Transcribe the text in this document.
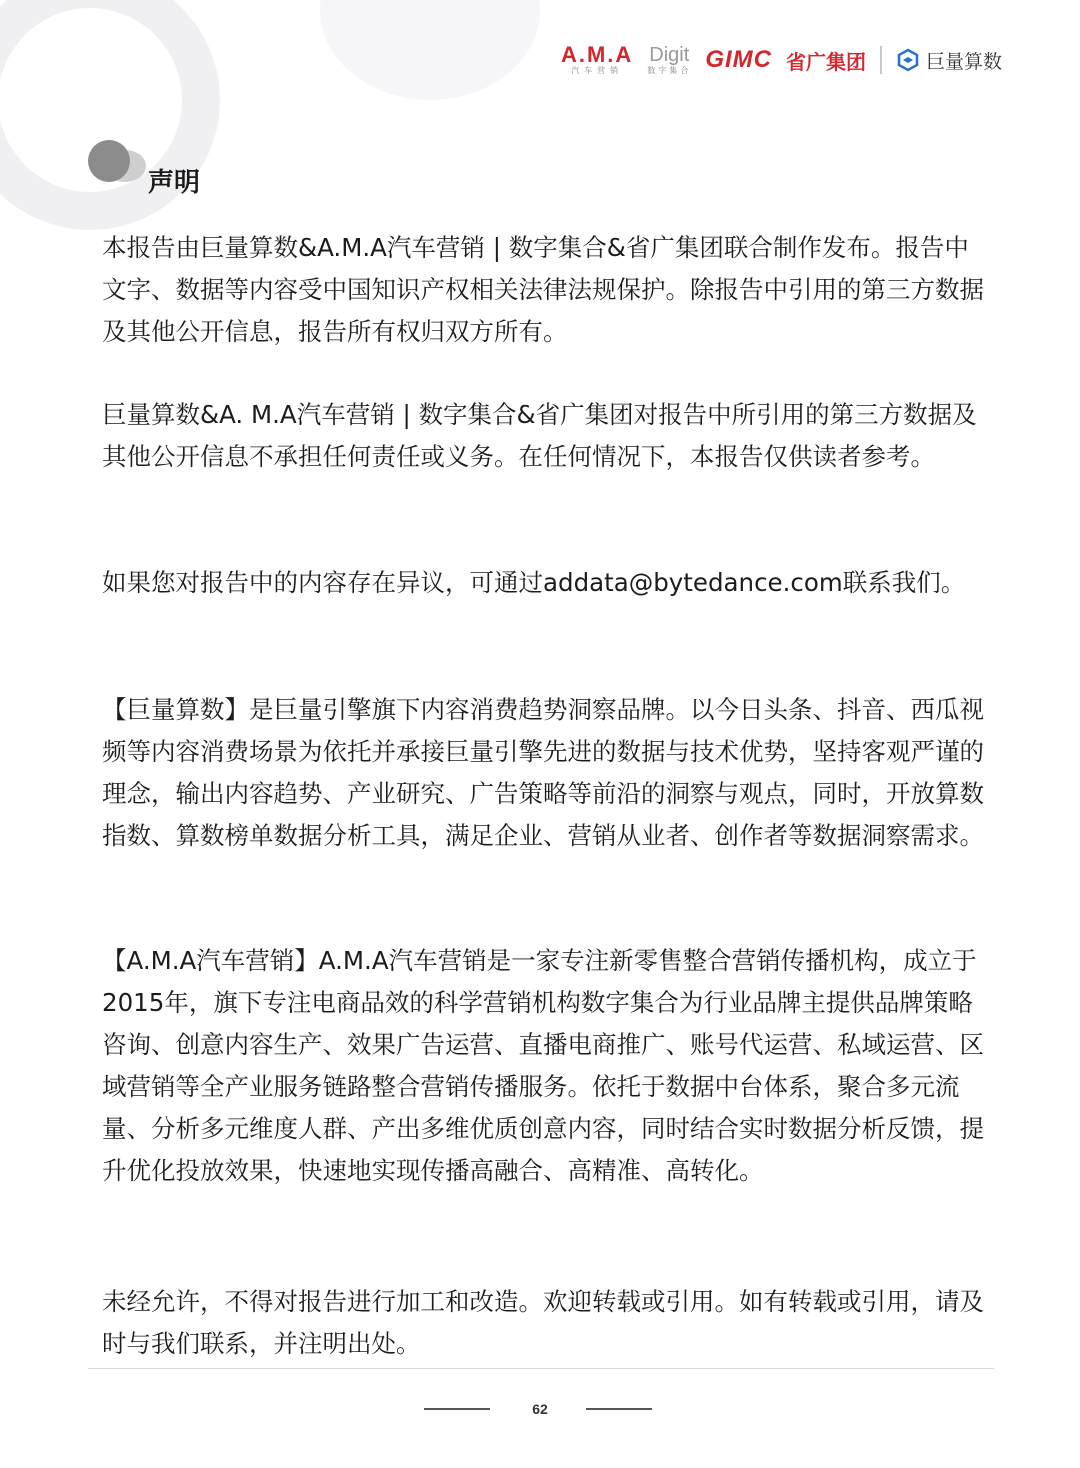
A.M.A
汽车营销
Digit
数字集合 GIMC 省广集团	巨量算数
声明

本报告由巨量算数&A.M.A汽车营销 | 数字集合&省广集团联合制作发布。报告中文字、数据等内容受中国知识产权相关法律法规保护。除报告中引用的第三方数据及其他公开信息，报告所有权归双方所有。

巨量算数&A. M.A汽车营销 | 数字集合&省广集团对报告中所引用的第三方数据及其他公开信息不承担任何责任或义务。在任何情况下，本报告仅供读者参考。

如果您对报告中的内容存在异议，可通过addata@bytedance.com联系我们。

【巨量算数】是巨量引擎旗下内容消费趋势洞察品牌。以今日头条、抖音、西瓜视频等内容消费场景为依托并承接巨量引擎先进的数据与技术优势，坚持客观严谨的理念，输出内容趋势、产业研究、广告策略等前沿的洞察与观点，同时，开放算数指数、算数榜单数据分析工具，满足企业、营销从业者、创作者等数据洞察需求。

【A.M.A汽车营销】A.M.A汽车营销是一家专注新零售整合营销传播机构，成立于2015年，旗下专注电商品效的科学营销机构数字集合为行业品牌主提供品牌策略咨询、创意内容生产、效果广告运营、直播电商推广、账号代运营、私域运营、区域营销等全产业服务链路整合营销传播服务。依托于数据中台体系，聚合多元流量、分析多元维度人群、产出多维优质创意内容，同时结合实时数据分析反馈，提升优化投放效果，快速地实现传播高融合、高精准、高转化。

未经允许，不得对报告进行加工和改造。欢迎转载或引用。如有转载或引用，请及时与我们联系，并注明出处。

62
